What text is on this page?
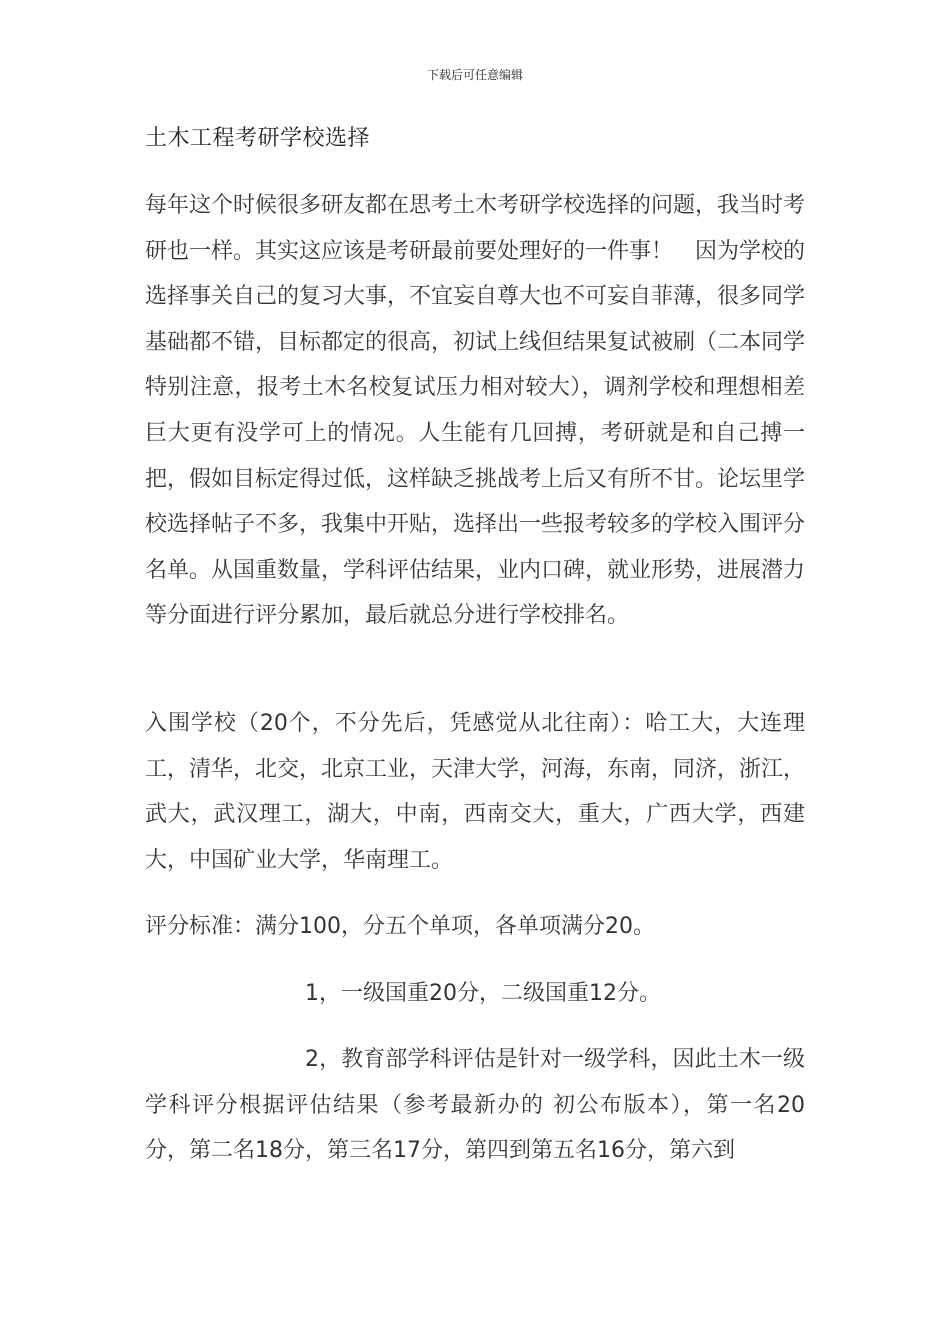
下载后可任意编辑
土木工程考研学校选择

每年这个时候很多研友都在思考土木考研学校选择的问题，我当时考研也一样。其实这应该是考研最前要处理好的一件事！　因为学校的选择事关自己的复习大事，不宜妄自尊大也不可妄自菲薄，很多同学基础都不错，目标都定的很高，初试上线但结果复试被刷（二本同学特别注意，报考土木名校复试压力相对较大），调剂学校和理想相差巨大更有没学可上的情况。人生能有几回搏，考研就是和自己搏一把，假如目标定得过低，这样缺乏挑战考上后又有所不甘。论坛里学校选择帖子不多，我集中开贴，选择出一些报考较多的学校入围评分名单。从国重数量，学科评估结果，业内口碑，就业形势，进展潜力等分面进行评分累加，最后就总分进行学校排名。

入围学校（20个，不分先后，凭感觉从北往南）：哈工大，大连理工，清华，北交，北京工业，天津大学，河海，东南，同济，浙江，武大，武汉理工，湖大，中南，西南交大，重大，广西大学，西建大，中国矿业大学，华南理工。

评分标准：满分100，分五个单项，各单项满分20。

1，一级国重20分，二级国重12分。

2，教育部学科评估是针对一级学科，因此土木一级学科评分根据评估结果（参考最新办的 初公布版本），第一名20分，第二名18分，第三名17分，第四到第五名16分，第六到
